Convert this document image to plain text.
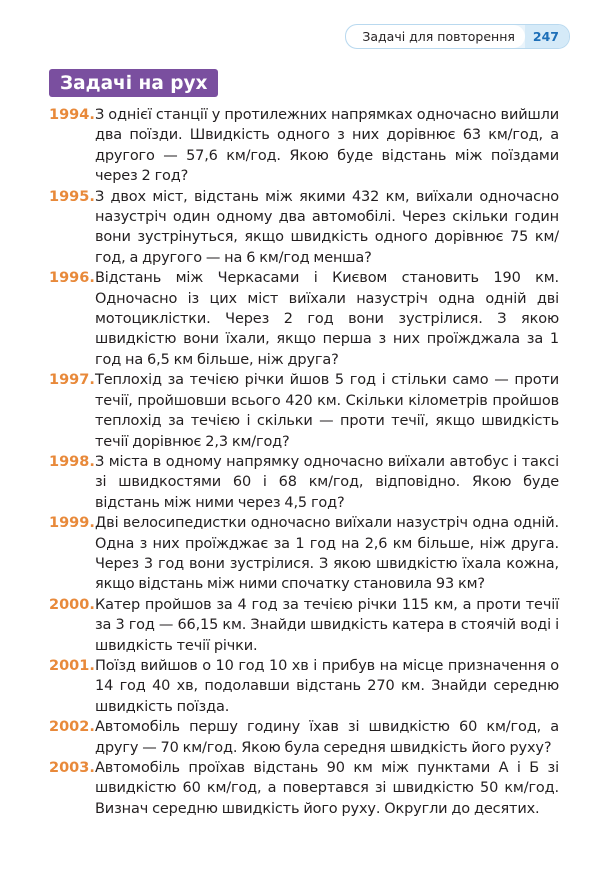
Задачі для повторення	247
Задачі на рух
1994. З однієї станції у протилежних напрямках одночасно вийшли два поїзди. Швидкість одного з них дорівнює 63 км/год, а другого — 57,6 км/год. Якою буде відстань між поїздами через 2 год?
1995. З двох міст, відстань між якими 432 км, виїхали одночасно назустріч один одному два автомобілі. Через скільки годин вони зустрінуться, якщо швидкість одного дорівнює 75 км/год, а другого — на 6 км/год менша?
1996. Відстань між Черкасами і Києвом становить 190 км. Одночасно із цих міст виїхали назустріч одна одній дві мотоциклістки. Через 2 год вони зустрілися. З якою швидкістю вони їхали, якщо перша з них проїжджала за 1 год на 6,5 км більше, ніж друга?
1997. Теплохід за течією річки йшов 5 год і стільки само — проти течії, пройшовши всього 420 км. Скільки кілометрів пройшов теплохід за течією і скільки — проти течії, якщо швидкість течії дорівнює 2,3 км/год?
1998. З міста в одному напрямку одночасно виїхали автобус і таксі зі швидкостями 60 і 68 км/год, відповідно. Якою буде відстань між ними через 4,5 год?
1999. Дві велосипедистки одночасно виїхали назустріч одна одній. Одна з них проїжджає за 1 год на 2,6 км більше, ніж друга. Через 3 год вони зустрілися. З якою швидкістю їхала кожна, якщо відстань між ними спочатку становила 93 км?
2000. Катер пройшов за 4 год за течією річки 115 км, а проти течії за 3 год — 66,15 км. Знайди швидкість катера в стоячій воді і швидкість течії річки.
2001. Поїзд вийшов о 10 год 10 хв і прибув на місце призначення о 14 год 40 хв, подолавши відстань 270 км. Знайди середню швидкість поїзда.
2002. Автомобіль першу годину їхав зі швидкістю 60 км/год, а другу — 70 км/год. Якою була середня швидкість його руху?
2003. Автомобіль проїхав відстань 90 км між пунктами А і Б зі швидкістю 60 км/год, а повертався зі швидкістю 50 км/год. Визнач середню швидкість його руху. Округли до десятих.
